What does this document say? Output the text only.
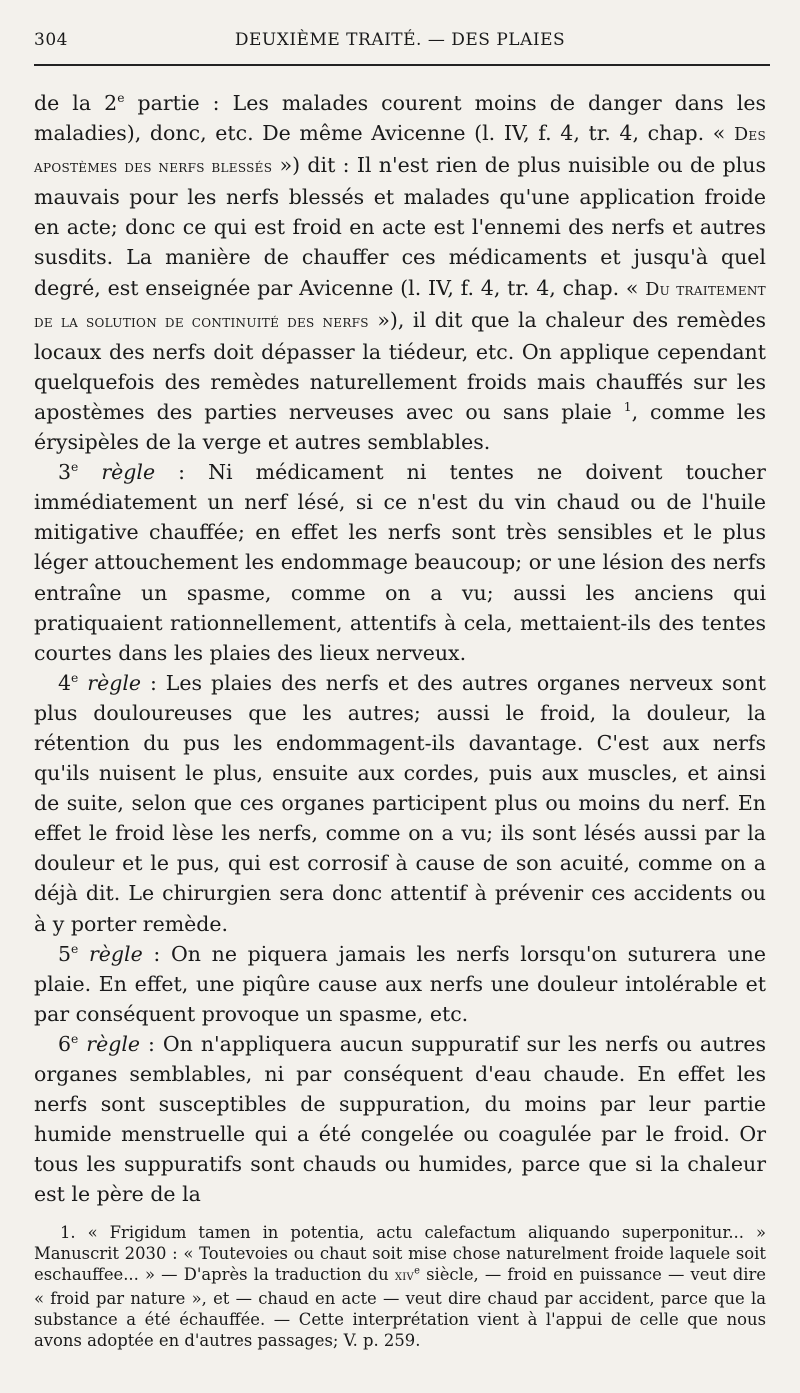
304	DEUXIÈME TRAITÉ. — DES PLAIES

de la 2e partie : Les malades courent moins de danger dans les maladies), donc, etc. De même Avicenne (l. IV, f. 4, tr. 4, chap. « Des apostèmes des nerfs blessés ») dit : Il n'est rien de plus nuisible ou de plus mauvais pour les nerfs blessés et malades qu'une application froide en acte; donc ce qui est froid en acte est l'ennemi des nerfs et autres susdits. La manière de chauffer ces médicaments et jusqu'à quel degré, est enseignée par Avicenne (l. IV, f. 4, tr. 4, chap. « Du traitement de la solution de continuité des nerfs »), il dit que la chaleur des remèdes locaux des nerfs doit dépasser la tiédeur, etc. On applique cependant quelquefois des remèdes naturellement froids mais chauffés sur les apostèmes des parties nerveuses avec ou sans plaie $^1$, comme les érysipèles de la verge et autres semblables.

3e règle : Ni médicament ni tentes ne doivent toucher immédiatement un nerf lésé, si ce n'est du vin chaud ou de l'huile mitigative chauffée; en effet les nerfs sont très sensibles et le plus léger attouchement les endommage beaucoup; or une lésion des nerfs entraîne un spasme, comme on a vu; aussi les anciens qui pratiquaient rationnellement, attentifs à cela, mettaient-ils des tentes courtes dans les plaies des lieux nerveux.

4e règle : Les plaies des nerfs et des autres organes nerveux sont plus douloureuses que les autres; aussi le froid, la douleur, la rétention du pus les endommagent-ils davantage. C'est aux nerfs qu'ils nuisent le plus, ensuite aux cordes, puis aux muscles, et ainsi de suite, selon que ces organes participent plus ou moins du nerf. En effet le froid lèse les nerfs, comme on a vu; ils sont lésés aussi par la douleur et le pus, qui est corrosif à cause de son acuité, comme on a déjà dit. Le chirurgien sera donc attentif à prévenir ces accidents ou à y porter remède.

5e règle : On ne piquera jamais les nerfs lorsqu'on suturera une plaie. En effet, une piqûre cause aux nerfs une douleur intolérable et par conséquent provoque un spasme, etc.

6e règle : On n'appliquera aucun suppuratif sur les nerfs ou autres organes semblables, ni par conséquent d'eau chaude. En effet les nerfs sont susceptibles de suppuration, du moins par leur partie humide menstruelle qui a été congelée ou coagulée par le froid. Or tous les suppuratifs sont chauds ou humides, parce que si la chaleur est le père de la

1. « Frigidum tamen in potentia, actu calefactum aliquando superponitur... » Manuscrit 2030 : « Toutevoies ou chaut soit mise chose naturelment froide laquele soit eschauffee... » — D'après la traduction du xiv$^e$ siècle, — froid en puissance — veut dire « froid par nature », et — chaud en acte — veut dire chaud par accident, parce que la substance a été échauffée. — Cette interprétation vient à l'appui de celle que nous avons adoptée en d'autres passages; V. p. 259.
